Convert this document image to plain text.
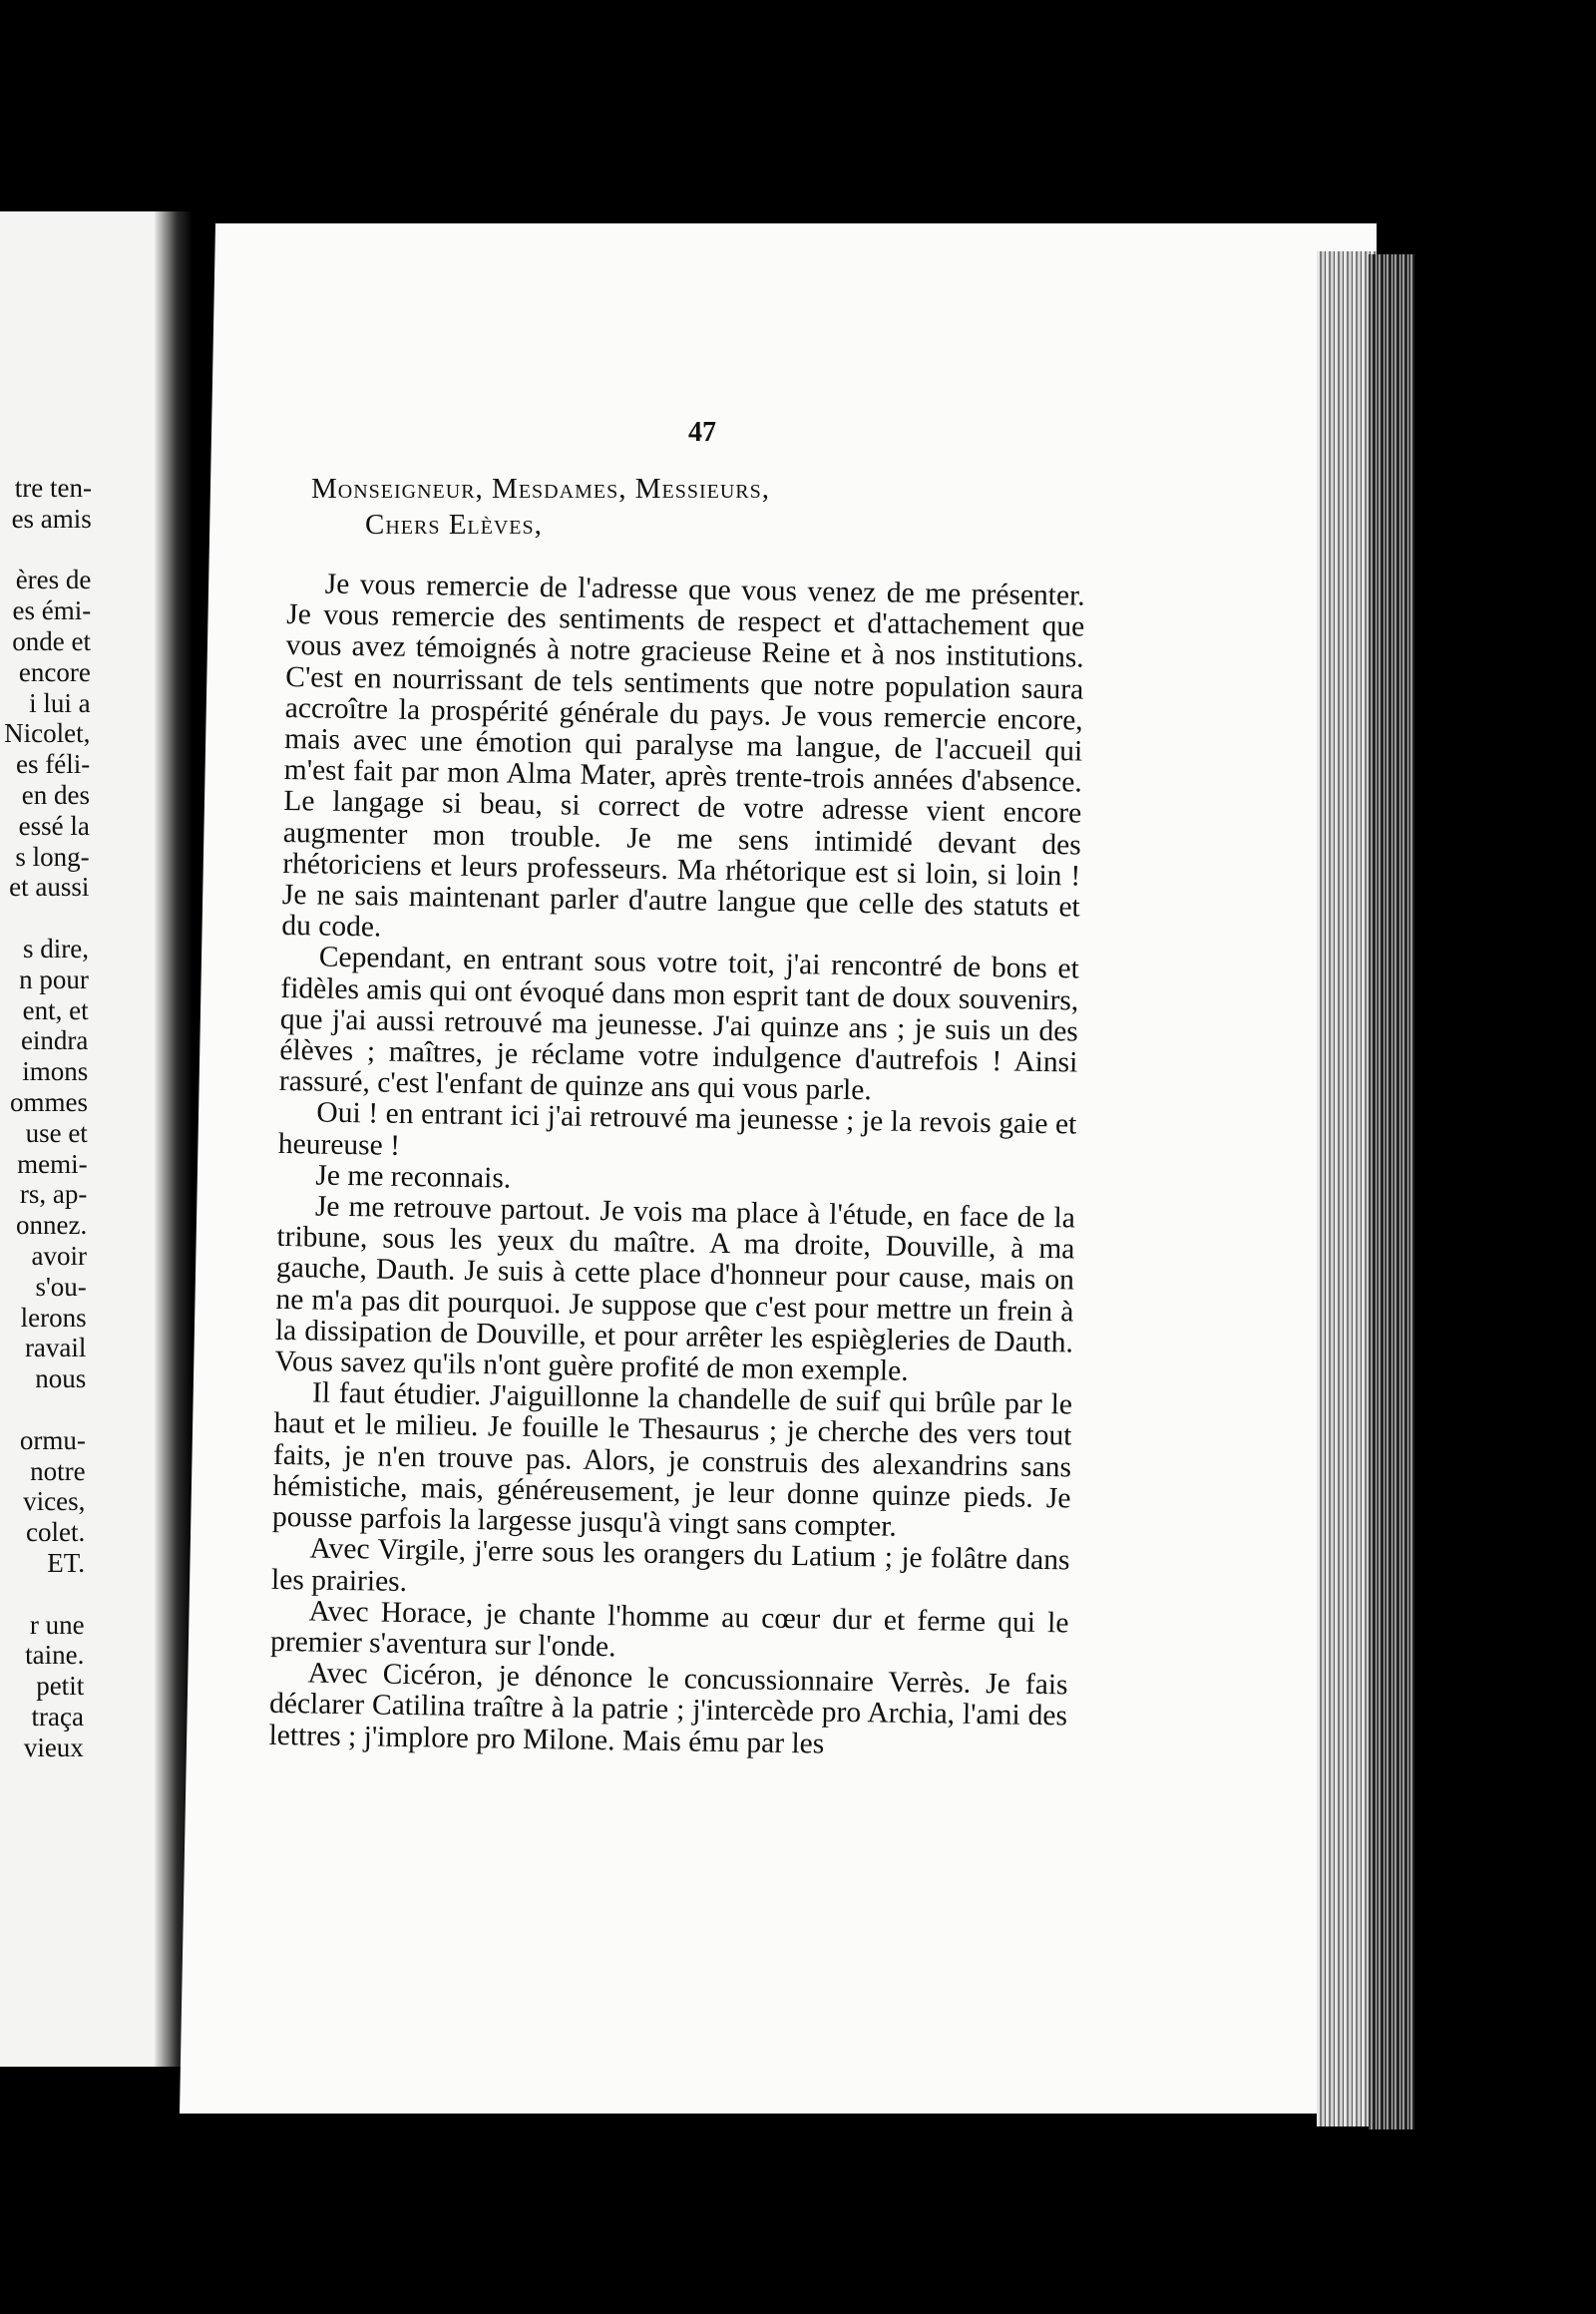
tre ten-
es amis
ères de
es émi-
onde et
encore
i lui a
Nicolet,
es féli-
en des
essé la
s long-
et aussi
s dire,
n pour
ent, et
eindra
imons
ommes
use et
memi-
rs, ap-
onnez.
avoir
s'ou-
lerons
ravail
nous
ormu-
notre
vices,
colet.
ET.
r une
taine.
petit
traça
vieux
47
Monseigneur, Mesdames, Messieurs,
Chers Elèves,

Je vous remercie de l'adresse que vous venez de me présenter. Je vous remercie des sentiments de respect et d'attachement que vous avez témoignés à notre gracieuse Reine et à nos institutions. C'est en nourrissant de tels sentiments que notre population saura accroître la prospérité générale du pays. Je vous remercie encore, mais avec une émotion qui paralyse ma langue, de l'accueil qui m'est fait par mon Alma Mater, après trente-trois années d'absence. Le langage si beau, si correct de votre adresse vient encore augmenter mon trouble. Je me sens intimidé devant des rhétoriciens et leurs professeurs. Ma rhétorique est si loin, si loin ! Je ne sais maintenant parler d'autre langue que celle des statuts et du code.

Cependant, en entrant sous votre toit, j'ai rencontré de bons et fidèles amis qui ont évoqué dans mon esprit tant de doux souvenirs, que j'ai aussi retrouvé ma jeunesse. J'ai quinze ans ; je suis un des élèves ; maîtres, je réclame votre indulgence d'autrefois ! Ainsi rassuré, c'est l'enfant de quinze ans qui vous parle.

Oui ! en entrant ici j'ai retrouvé ma jeunesse ; je la revois gaie et heureuse !

Je me reconnais.

Je me retrouve partout. Je vois ma place à l'étude, en face de la tribune, sous les yeux du maître. A ma droite, Douville, à ma gauche, Dauth. Je suis à cette place d'honneur pour cause, mais on ne m'a pas dit pourquoi. Je suppose que c'est pour mettre un frein à la dissipation de Douville, et pour arrêter les espiègleries de Dauth. Vous savez qu'ils n'ont guère profité de mon exemple.

Il faut étudier. J'aiguillonne la chandelle de suif qui brûle par le haut et le milieu. Je fouille le Thesaurus ; je cherche des vers tout faits, je n'en trouve pas. Alors, je construis des alexandrins sans hémistiche, mais, généreusement, je leur donne quinze pieds. Je pousse parfois la largesse jusqu'à vingt sans compter.

Avec Virgile, j'erre sous les orangers du Latium ; je folâtre dans les prairies.

Avec Horace, je chante l'homme au cœur dur et ferme qui le premier s'aventura sur l'onde.

Avec Cicéron, je dénonce le concussionnaire Verrès. Je fais déclarer Catilina traître à la patrie ; j'intercède pro Archia, l'ami des lettres ; j'implore pro Milone. Mais ému par les
